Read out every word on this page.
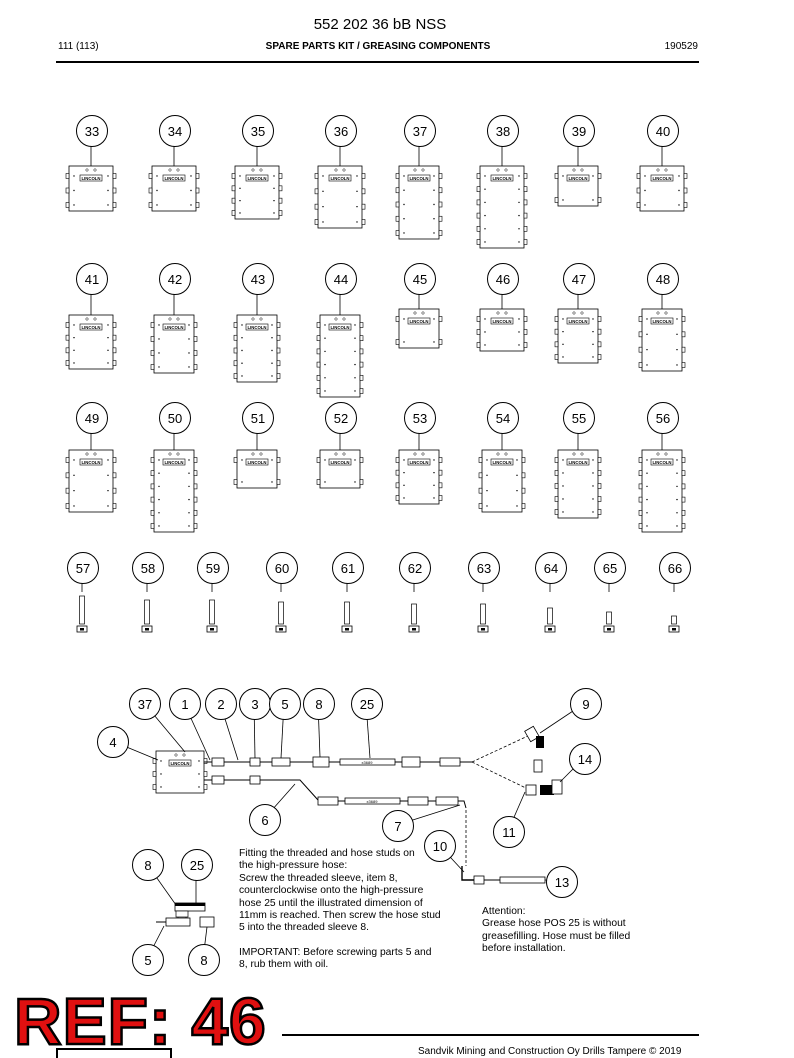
552 202 36 bB NSS
111 (113)	SPARE PARTS KIT / GREASING COMPONENTS	190529
LINCOLN	LINCOLN	LINCOLN	LINCOLN	LINCOLN	LINCOLN	LINCOLN	LINCOLN
LINCOLN	LINCOLN	LINCOLN	LINCOLN
LINCOLN	LINCOLN	LINCOLN	LINCOLN
LINCOLN	LINCOLN	LINCOLN	LINCOLN	LINCOLN	LINCOLN	LINCOLN	LINCOLN
LINCOLN	x3689
x3689
33	34	35	36	37	38	39	40
41	42	43	44	45	46	47	48
49	50	51	52	53	54	55	56
57	58	59	60	61	62	63	64	65	66
37	1	2	3	5	8	25	9
4
14
6	7	11
10
13
8	25
5	8

Fitting the threaded and hose studs on

the high-pressure hose:

Screw the threaded sleeve, item 8,

counterclockwise onto the high-pressure

hose 25 until the illustrated dimension of

11mm is reached. Then screw the hose stud

5 into the threaded sleeve 8.

IMPORTANT: Before screwing parts 5 and

8, rub them with oil.

Attention:

Grease hose POS 25 is without

greasefilling. Hose must be filled

before installation.

REF: 46	Sandvik Mining and Construction Oy Drills Tampere © 2019
